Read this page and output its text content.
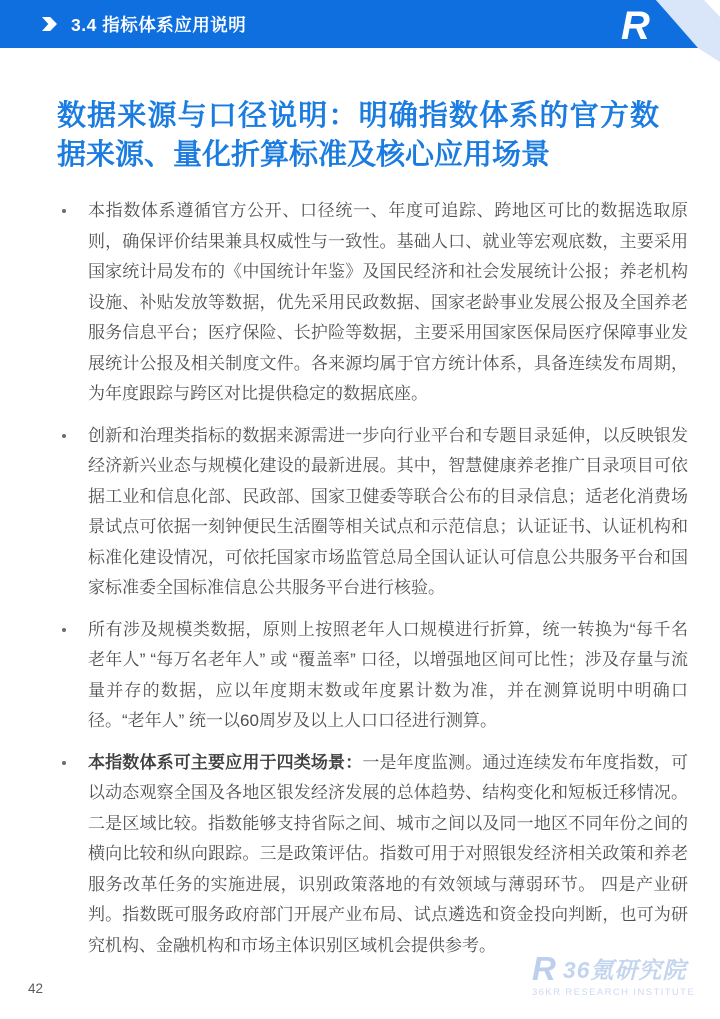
R
3.4 指标体系应用说明
数据来源与口径说明：明确指数体系的官方数据来源、量化折算标准及核心应用场景
本指数体系遵循官方公开、口径统一、年度可追踪、跨地区可比的数据选取原则，确保评价结果兼具权威性与一致性。基础人口、就业等宏观底数，主要采用国家统计局发布的《中国统计年鉴》及国民经济和社会发展统计公报；养老机构设施、补贴发放等数据，优先采用民政数据、国家老龄事业发展公报及全国养老服务信息平台；医疗保险、长护险等数据，主要采用国家医保局医疗保障事业发展统计公报及相关制度文件。各来源均属于官方统计体系，具备连续发布周期，为年度跟踪与跨区对比提供稳定的数据底座。
创新和治理类指标的数据来源需进一步向行业平台和专题目录延伸，以反映银发经济新兴业态与规模化建设的最新进展。其中，智慧健康养老推广目录项目可依据工业和信息化部、民政部、国家卫健委等联合公布的目录信息；适老化消费场景试点可依据一刻钟便民生活圈等相关试点和示范信息；认证证书、认证机构和标准化建设情况，可依托国家市场监管总局全国认证认可信息公共服务平台和国家标准委全国标准信息公共服务平台进行核验。
所有涉及规模类数据，原则上按照老年人口规模进行折算，统一转换为“每千名老年人” “每万名老年人” 或 “覆盖率” 口径，以增强地区间可比性；涉及存量与流量并存的数据，应以年度期末数或年度累计数为准，并在测算说明中明确口径。“老年人” 统一以60周岁及以上人口口径进行测算。
本指数体系可主要应用于四类场景：一是年度监测。通过连续发布年度指数，可以动态观察全国及各地区银发经济发展的总体趋势、结构变化和短板迁移情况。二是区域比较。指数能够支持省际之间、城市之间以及同一地区不同年份之间的横向比较和纵向跟踪。三是政策评估。指数可用于对照银发经济相关政策和养老服务改革任务的实施进展，识别政策落地的有效领域与薄弱环节。 四是产业研判。指数既可服务政府部门开展产业布局、试点遴选和资金投向判断，也可为研究机构、金融机构和市场主体识别区域机会提供参考。
42
R 36氪研究院
36KR RESEARCH INSTITUTE
